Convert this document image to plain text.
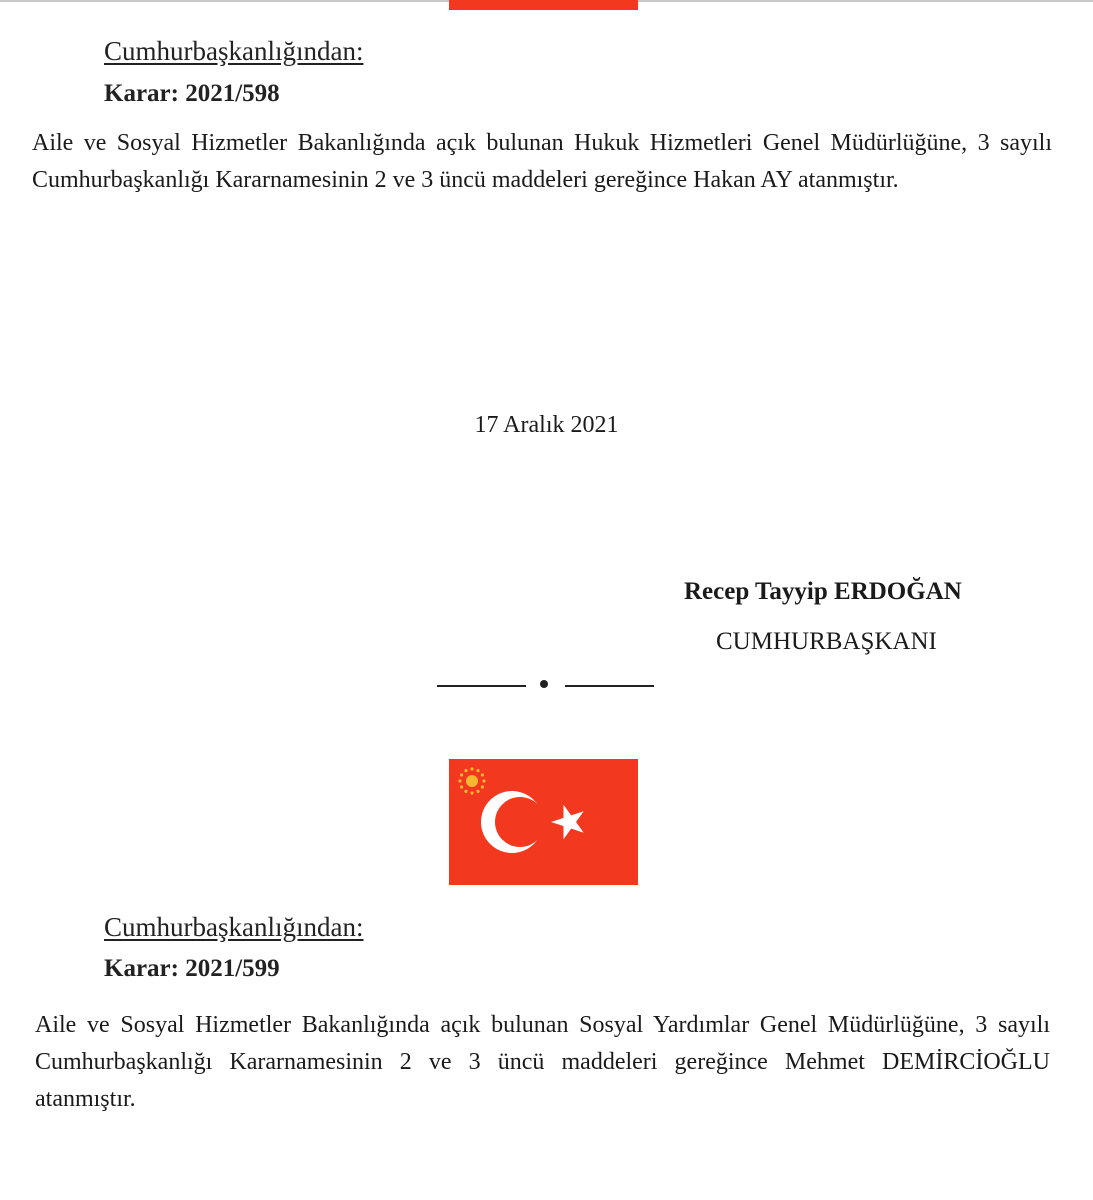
Cumhurbaşkanlığından:
Karar: 2021/598
Aile ve Sosyal Hizmetler Bakanlığında açık bulunan Hukuk Hizmetleri Genel Müdürlüğüne, 3 sayılı Cumhurbaşkanlığı Kararnamesinin 2 ve 3 üncü maddeleri gereğince Hakan AY atanmıştır.
17 Aralık 2021
Recep Tayyip ERDOĞAN
CUMHURBAŞKANI
Cumhurbaşkanlığından:
Karar: 2021/599
Aile ve Sosyal Hizmetler Bakanlığında açık bulunan Sosyal Yardımlar Genel Müdürlüğüne, 3 sayılı Cumhurbaşkanlığı Kararnamesinin 2 ve 3 üncü maddeleri gereğince Mehmet DEMİRCİOĞLU atanmıştır.
